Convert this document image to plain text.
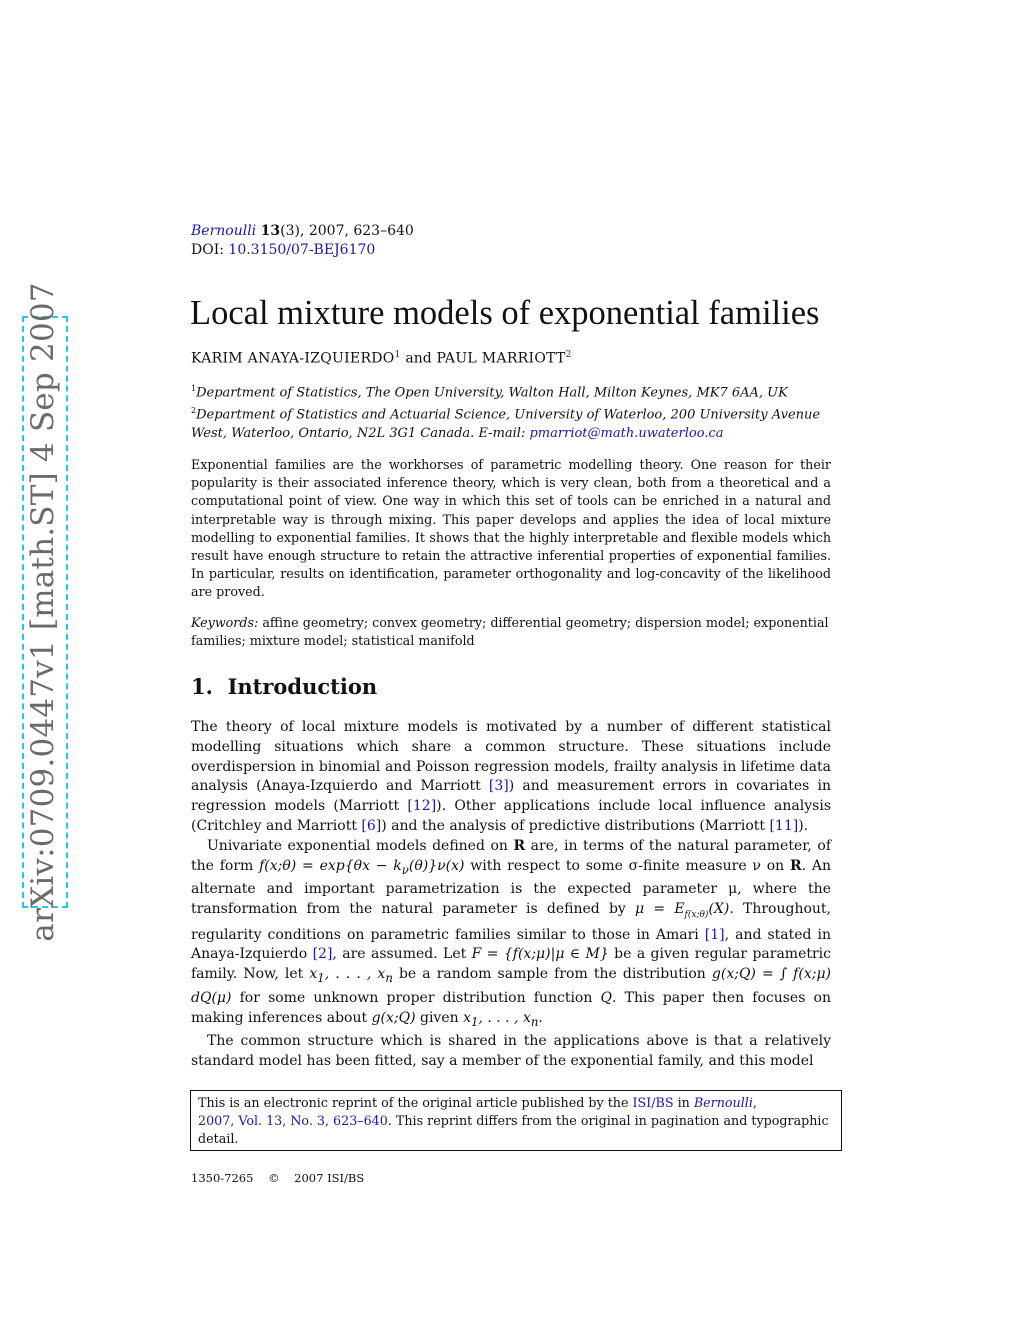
arXiv:0709.0447v1 [math.ST] 4 Sep 2007
Bernoulli 13(3), 2007, 623–640
DOI: 10.3150/07-BEJ6170
Local mixture models of exponential families
KARIM ANAYA-IZQUIERDO$^1$ and PAUL MARRIOTT$^2$
$^1$Department of Statistics, The Open University, Walton Hall, Milton Keynes, MK7 6AA, UK
$^2$Department of Statistics and Actuarial Science, University of Waterloo, 200 University Avenue West, Waterloo, Ontario, N2L 3G1 Canada. E-mail: pmarriot@math.uwaterloo.ca

Exponential families are the workhorses of parametric modelling theory. One reason for their popularity is their associated inference theory, which is very clean, both from a theoretical and a computational point of view. One way in which this set of tools can be enriched in a natural and interpretable way is through mixing. This paper develops and applies the idea of local mixture modelling to exponential families. It shows that the highly interpretable and flexible models which result have enough structure to retain the attractive inferential properties of exponential families. In particular, results on identification, parameter orthogonality and log-concavity of the likelihood are proved.

Keywords: affine geometry; convex geometry; differential geometry; dispersion model; exponential families; mixture model; statistical manifold

1. Introduction

The theory of local mixture models is motivated by a number of different statistical modelling situations which share a common structure. These situations include overdispersion in binomial and Poisson regression models, frailty analysis in lifetime data analysis (Anaya-Izquierdo and Marriott [3]) and measurement errors in covariates in regression models (Marriott [12]). Other applications include local influence analysis (Critchley and Marriott [6]) and the analysis of predictive distributions (Marriott [11]).

Univariate exponential models defined on R are, in terms of the natural parameter, of the form f(x;θ) = $\exp\{\theta x - k_\nu(\theta)\}\nu(x)$ with respect to some σ-finite measure ν on R. An alternate and important parametrization is the expected parameter μ, where the transformation from the natural parameter is defined by $\mu = E_{f(x;\theta)}(X)$. Throughout, regularity conditions on parametric families similar to those in Amari [1], and stated in Anaya-Izquierdo [2], are assumed. Let F = {f(x;μ)|μ ∈ M} be a given regular parametric family. Now, let $x_1$, . . . , $x_n$ be a random sample from the distribution g(x;Q) = ∫ f(x;μ) dQ(μ) for some unknown proper distribution function Q. This paper then focuses on making inferences about g(x;Q) given $x_1$, . . . , $x_n$.

The common structure which is shared in the applications above is that a relatively standard model has been fitted, say a member of the exponential family, and this model

This is an electronic reprint of the original article published by the ISI/BS in Bernoulli,
2007, Vol. 13, No. 3, 623–640. This reprint differs from the original in pagination and typographic detail.
1350-7265 © 2007 ISI/BS
